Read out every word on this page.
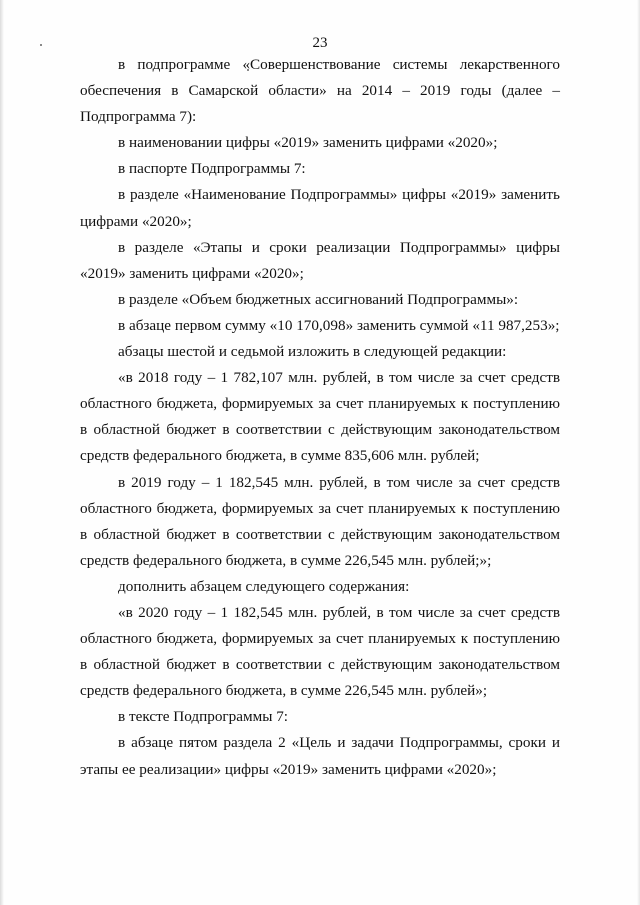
23

в подпрограмме «Совершенствование системы лекарственного обеспечения в Самарской области» на 2014 – 2019 годы (далее – Подпрограмма 7):

в наименовании цифры «2019» заменить цифрами «2020»;

в паспорте Подпрограммы 7:

в разделе «Наименование Подпрограммы» цифры «2019» заменить цифрами «2020»;

в разделе «Этапы и сроки реализации Подпрограммы» цифры «2019» заменить цифрами «2020»;

в разделе «Объем бюджетных ассигнований Подпрограммы»:

в абзаце первом сумму «10 170,098» заменить суммой «11 987,253»;

абзацы шестой и седьмой изложить в следующей редакции:

«в 2018 году – 1 782,107 млн. рублей, в том числе за счет средств областного бюджета, формируемых за счет планируемых к поступлению в областной бюджет в соответствии с действующим законодательством средств федерального бюджета, в сумме 835,606 млн. рублей;

в 2019 году – 1 182,545 млн. рублей, в том числе за счет средств областного бюджета, формируемых за счет планируемых к поступлению в областной бюджет в соответствии с действующим законодательством средств федерального бюджета, в сумме 226,545 млн. рублей;»;

дополнить абзацем следующего содержания:

«в 2020 году – 1 182,545 млн. рублей, в том числе за счет средств областного бюджета, формируемых за счет планируемых к поступлению в областной бюджет в соответствии с действующим законодательством средств федерального бюджета, в сумме 226,545 млн. рублей»;

в тексте Подпрограммы 7:

в абзаце пятом раздела 2 «Цель и задачи Подпрограммы, сроки и этапы ее реализации» цифры «2019» заменить цифрами «2020»;
